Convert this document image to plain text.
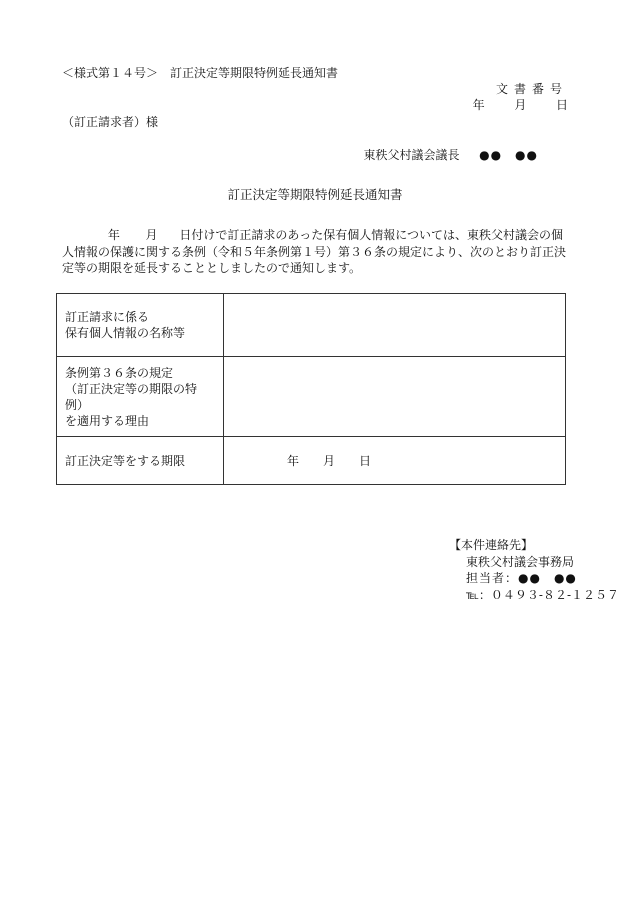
＜様式第１４号＞　訂正決定等期限特例延長通知書
文書番号
年 月 日
（訂正請求者）様
東秩父村議会議長 ●●　●●
訂正決定等期限特例延長通知書

年 月 日付けで訂正請求のあった保有個人情報については、東秩父村議会の個人情報の保護に関する条例（令和５年条例第１号）第３６条の規定により、次のとおり訂正決定等の期限を延長することとしましたので通知します。

訂正請求に係る
保有個人情報の名称等	

条例第３６条の規定
（訂正決定等の期限の特例）
を適用する理由	

訂正決定等をする期限	年　　月　　日
【本件連絡先】
東秩父村議会事務局
担当者：●●　●●
℡：０４９３-８２-１２５７
